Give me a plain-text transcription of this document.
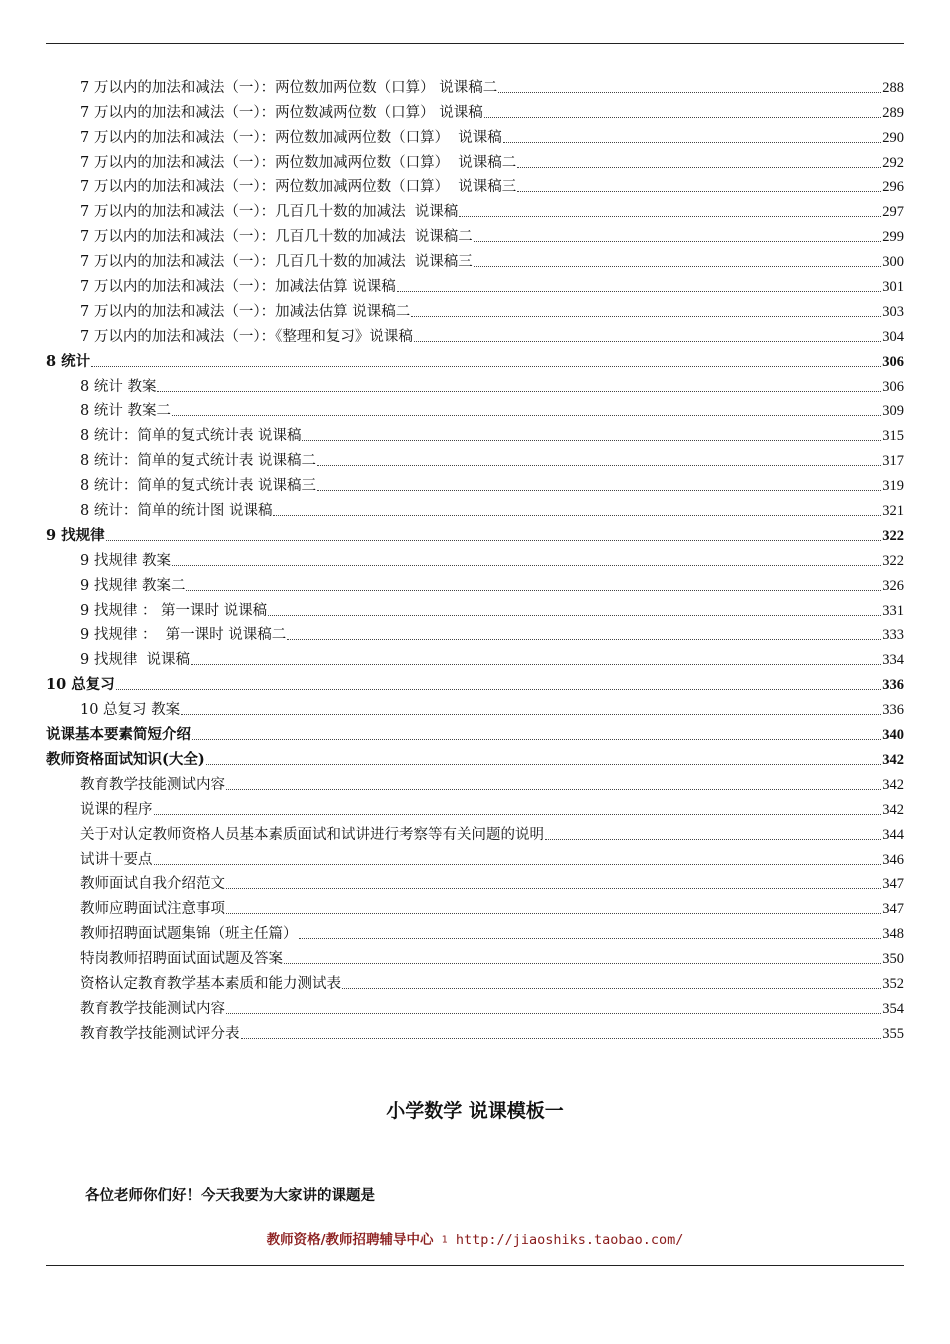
7 万以内的加法和减法（一）：两位数加两位数（口算） 说课稿二	288
7 万以内的加法和减法（一）：两位数减两位数（口算） 说课稿	289
7 万以内的加法和减法（一）：两位数加减两位数（口算）  说课稿	290
7 万以内的加法和减法（一）：两位数加减两位数（口算）  说课稿二	292
7 万以内的加法和减法（一）：两位数加减两位数（口算）  说课稿三	296
7 万以内的加法和减法（一）：几百几十数的加减法  说课稿	297
7 万以内的加法和减法（一）：几百几十数的加减法  说课稿二	299
7 万以内的加法和减法（一）：几百几十数的加减法  说课稿三	300
7 万以内的加法和减法（一）：加减法估算 说课稿	301
7 万以内的加法和减法（一）：加减法估算 说课稿二	303
7 万以内的加法和减法（一）：《整理和复习》说课稿	304
8 统计	306
8 统计 教案	306
8 统计 教案二	309
8 统计：简单的复式统计表 说课稿	315
8 统计：简单的复式统计表 说课稿二	317
8 统计：简单的复式统计表 说课稿三	319
8 统计：简单的统计图 说课稿	321
9 找规律	322
9 找规律 教案	322
9 找规律 教案二	326
9 找规律 ： 第一课时 说课稿	331
9 找规律 ：  第一课时 说课稿二	333
9 找规律  说课稿	334
10 总复习	336
10 总复习 教案	336
说课基本要素简短介绍	340
教师资格面试知识(大全)	342
教育教学技能测试内容	342
说课的程序	342
关于对认定教师资格人员基本素质面试和试讲进行考察等有关问题的说明	344
试讲十要点	346
教师面试自我介绍范文	347
教师应聘面试注意事项	347
教师招聘面试题集锦（班主任篇）	348
特岗教师招聘面试面试题及答案	350
资格认定教育教学基本素质和能力测试表	352
教育教学技能测试内容	354
教育教学技能测试评分表	355
小学数学 说课模板一
各位老师你们好！今天我要为大家讲的课题是
教师资格/教师招聘辅导中心 1 http://jiaoshiks.taobao.com/
